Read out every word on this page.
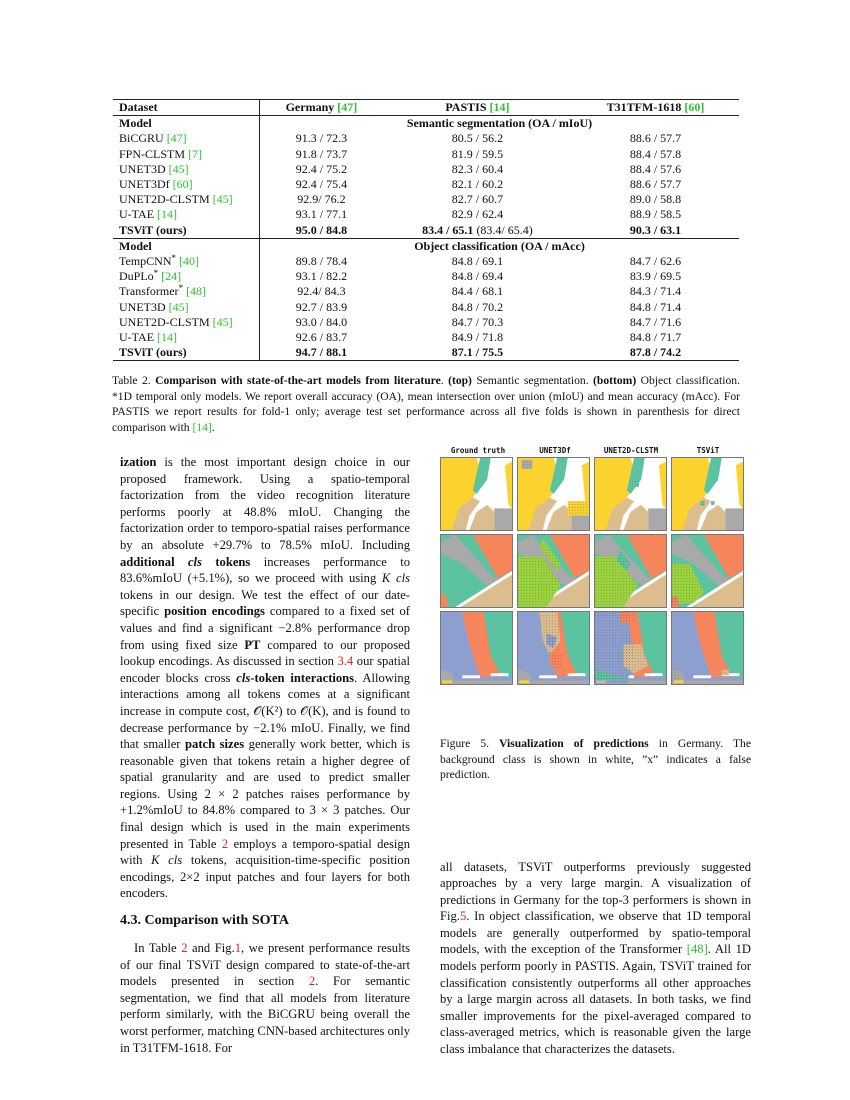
Dataset	Germany [47]	PASTIS [14]	T31TFM-1618 [60]
Model	Semantic segmentation (OA / mIoU)		
BiCGRU [47]	91.3 / 72.3	80.5 / 56.2	88.6 / 57.7
FPN-CLSTM [7]	91.8 / 73.7	81.9 / 59.5	88.4 / 57.8
UNET3D [45]	92.4 / 75.2	82.3 / 60.4	88.4 / 57.6
UNET3Df [60]	92.4 / 75.4	82.1 / 60.2	88.6 / 57.7
UNET2D-CLSTM [45]	92.9/ 76.2	82.7 / 60.7	89.0 / 58.8
U-TAE [14]	93.1 / 77.1	82.9 / 62.4	88.9 / 58.5
TSViT (ours)	95.0 / 84.8	83.4 / 65.1 (83.4/ 65.4)	90.3 / 63.1
Model	Object classification (OA / mAcc)		
TempCNN* [40]	89.8 / 78.4	84.8 / 69.1	84.7 / 62.6
DuPLo* [24]	93.1 / 82.2	84.8 / 69.4	83.9 / 69.5
Transformer* [48]	92.4/ 84.3	84.4 / 68.1	84.3 / 71.4
UNET3D [45]	92.7 / 83.9	84.8 / 70.2	84.8 / 71.4
UNET2D-CLSTM [45]	93.0 / 84.0	84.7 / 70.3	84.7 / 71.6
U-TAE [14]	92.6 / 83.7	84.9 / 71.8	84.8 / 71.7
TSViT (ours)	94.7 / 88.1	87.1 / 75.5	87.8 / 74.2
Table 2. Comparison with state-of-the-art models from literature. (top) Semantic segmentation. (bottom) Object classification. *1D temporal only models. We report overall accuracy (OA), mean intersection over union (mIoU) and mean accuracy (mAcc). For PASTIS we report results for fold-1 only; average test set performance across all five folds is shown in parenthesis for direct comparison with [14].
ization is the most important design choice in our proposed framework. Using a spatio-temporal factorization from the video recognition literature performs poorly at 48.8% mIoU. Changing the factorization order to temporo-spatial raises performance by an absolute +29.7% to 78.5% mIoU. Including additional cls tokens increases performance to 83.6%mIoU (+5.1%), so we proceed with using K cls tokens in our design. We test the effect of our date-specific position encodings compared to a fixed set of values and find a significant −2.8% performance drop from using fixed size PT compared to our proposed lookup encodings. As discussed in section 3.4 our spatial encoder blocks cross cls-token interactions. Allowing interactions among all tokens comes at a significant increase in compute cost, 𝒪(K²) to 𝒪(K), and is found to decrease performance by −2.1% mIoU. Finally, we find that smaller patch sizes generally work better, which is reasonable given that tokens retain a higher degree of spatial granularity and are used to predict smaller regions. Using 2 × 2 patches raises performance by +1.2%mIoU to 84.8% compared to 3 × 3 patches. Our final design which is used in the main experiments presented in Table 2 employs a temporo-spatial design with K cls tokens, acquisition-time-specific position encodings, 2×2 input patches and four layers for both encoders.
4.3. Comparison with SOTA
In Table 2 and Fig.1, we present performance results of our final TSViT design compared to state-of-the-art models presented in section 2. For semantic segmentation, we find that all models from literature perform similarly, with the BiCGRU being overall the worst performer, matching CNN-based architectures only in T31TFM-1618. For
Ground truth	UNET3Df	UNET2D-CLSTM	TSViT
Figure 5. Visualization of predictions in Germany. The background class is shown in white, ”x” indicates a false prediction.
all datasets, TSViT outperforms previously suggested approaches by a very large margin. A visualization of predictions in Germany for the top-3 performers is shown in Fig.5. In object classification, we observe that 1D temporal models are generally outperformed by spatio-temporal models, with the exception of the Transformer [48]. All 1D models perform poorly in PASTIS. Again, TSViT trained for classification consistently outperforms all other approaches by a large margin across all datasets. In both tasks, we find smaller improvements for the pixel-averaged compared to class-averaged metrics, which is reasonable given the large class imbalance that characterizes the datasets.
